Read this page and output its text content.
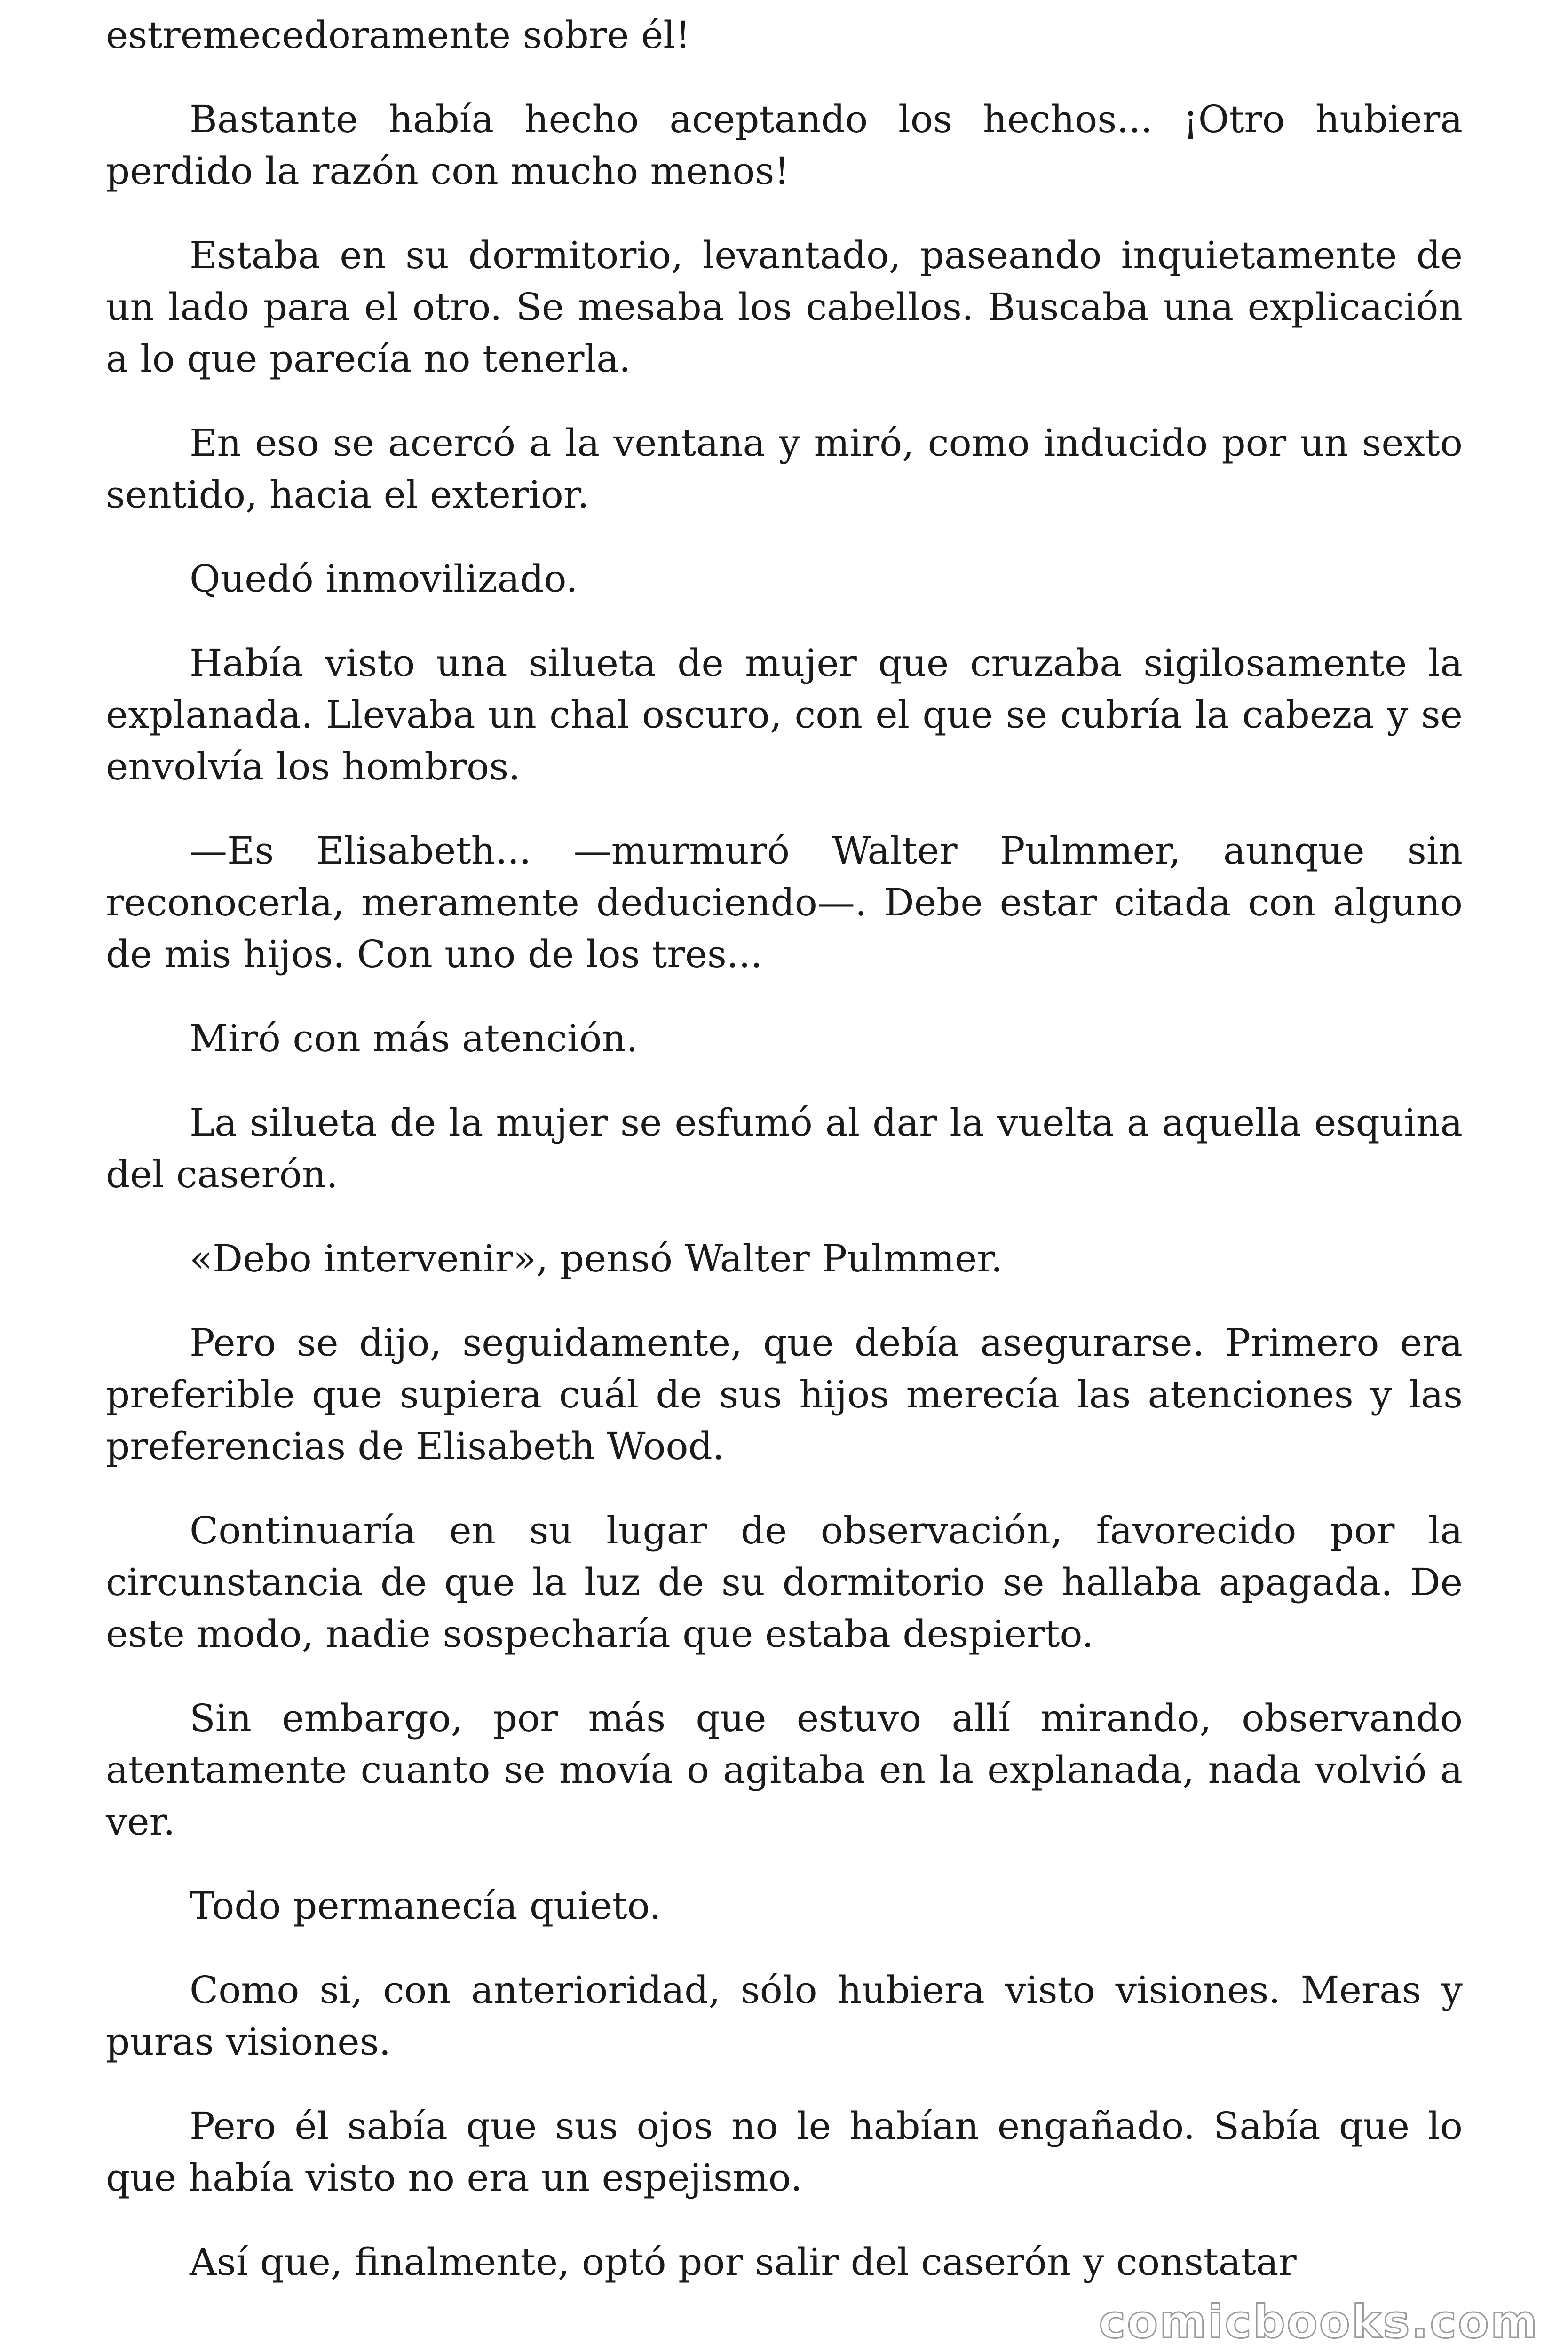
estremecedoramente sobre él!

Bastante había hecho aceptando los hechos... ¡Otro hubiera perdido la razón con mucho menos!

Estaba en su dormitorio, levantado, paseando inquietamente de un lado para el otro. Se mesaba los cabellos. Buscaba una explicación a lo que parecía no tenerla.

En eso se acercó a la ventana y miró, como inducido por un sexto sentido, hacia el exterior.

Quedó inmovilizado.

Había visto una silueta de mujer que cruzaba sigilosamente la explanada. Llevaba un chal oscuro, con el que se cubría la cabeza y se envolvía los hombros.

—Es Elisabeth... —murmuró Walter Pulmmer, aunque sin reconocerla, meramente deduciendo—. Debe estar citada con alguno de mis hijos. Con uno de los tres...

Miró con más atención.

La silueta de la mujer se esfumó al dar la vuelta a aquella esquina del caserón.

«Debo intervenir», pensó Walter Pulmmer.

Pero se dijo, seguidamente, que debía asegurarse. Primero era preferible que supiera cuál de sus hijos merecía las atenciones y las preferencias de Elisabeth Wood.

Continuaría en su lugar de observación, favorecido por la circunstancia de que la luz de su dormitorio se hallaba apagada. De este modo, nadie sospecharía que estaba despierto.

Sin embargo, por más que estuvo allí mirando, observando atentamente cuanto se movía o agitaba en la explanada, nada volvió a ver.

Todo permanecía quieto.

Como si, con anterioridad, sólo hubiera visto visiones. Meras y puras visiones.

Pero él sabía que sus ojos no le habían engañado. Sabía que lo que había visto no era un espejismo.

Así que, finalmente, optó por salir del caserón y constatar

comicbooks.com
